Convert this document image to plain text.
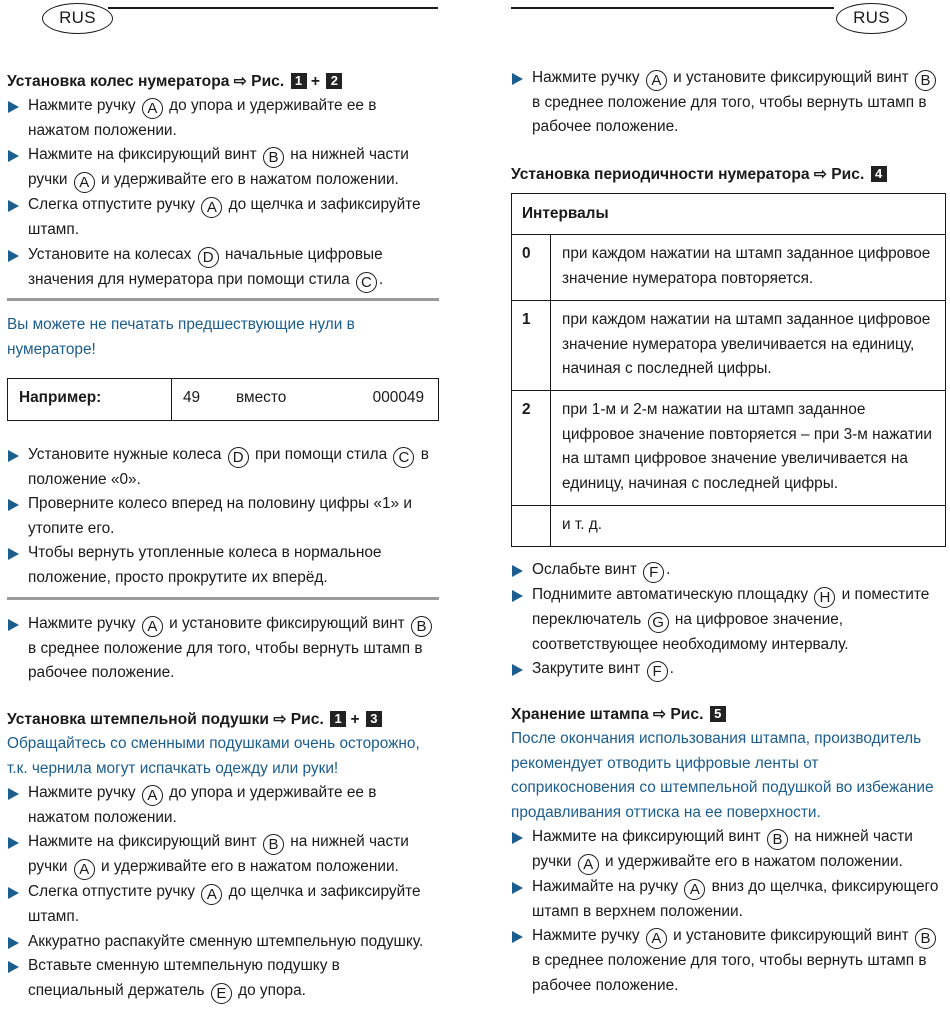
RUS	RUS
Установка колес нумератора ⇨ Рис. 1 + 2
Нажмите ручку A до упора и удерживайте ее в нажатом положении.
Нажмите на фиксирующий винт B на нижней части ручки A и удерживайте его в нажатом положении.
Слегка отпустите ручку A до щелчка и зафиксируйте штамп.
Установите на колесах D начальные цифровые значения для нумератора при помощи стила C .
Вы можете не печатать предшествующие нули в нумераторе!
Например:	49 вместо	000049
Установите нужные колеса D при помощи стила C в положение «0».
Проверните колесо вперед на половину цифры «1» и утопите его.
Чтобы вернуть утопленные колеса в нормальное положение, просто прокрутите их вперёд.
Нажмите ручку A и установите фиксирующий винт B в среднее положение для того, чтобы вернуть штамп в рабочее положение.
Установка штемпельной подушки ⇨ Рис. 1 + 3
Обращайтесь со сменными подушками очень осторожно, т.к. чернила могут испачкать одежду или руки!
Нажмите ручку A до упора и удерживайте ее в нажатом положении.
Нажмите на фиксирующий винт B на нижней части ручки A и удерживайте его в нажатом положении.
Слегка отпустите ручку A до щелчка и зафиксируйте штамп.
Аккуратно распакуйте сменную штемпельную подушку.
Вставьте сменную штемпельную подушку в специальный держатель E до упора.
Нажмите ручку A и установите фиксирующий винт B в среднее положение для того, чтобы вернуть штамп в рабочее положение.
Установка периодичности нумератора ⇨ Рис. 4
Интервалы	
0	при каждом нажатии на штамп заданное цифровое значение нумератора повторяется.
1	при каждом нажатии на штамп заданное цифровое значение нумератора увеличивается на единицу, начиная с последней цифры.
2	при 1-м и 2-м нажатии на штамп заданное цифровое значение повторяется – при 3-м нажатии на штамп цифровое значение увеличивается на единицу, начиная с последней цифры.
	и т. д.
Ослабьте винт F .
Поднимите автоматическую площадку H и поместите переключатель G на цифровое значение, соответствующее необходимому интервалу.
Закрутите винт F .
Хранение штампа ⇨ Рис. 5
После окончания использования штампа, производитель рекомендует отводить цифровые ленты от соприкосновения со штемпельной подушкой во избежание продавливания оттиска на ее поверхности.
Нажмите на фиксирующий винт B на нижней части ручки A и удерживайте его в нажатом положении.
Нажимайте на ручку A вниз до щелчка, фиксирующего штамп в верхнем положении.
Нажмите ручку A и установите фиксирующий винт B в среднее положение для того, чтобы вернуть штамп в рабочее положение.
